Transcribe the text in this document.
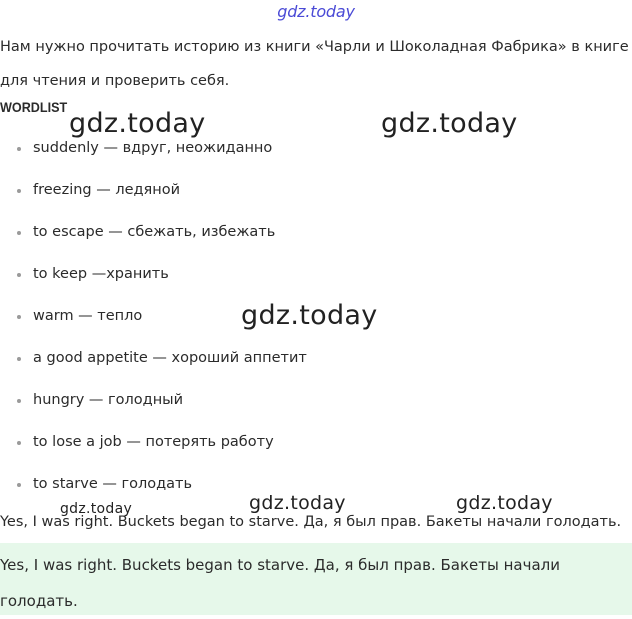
gdz.today

Нам нужно прочитать историю из книги «Чарли и Шоколадная Фабрика» в книге для чтения и проверить себя.

WORDLIST
suddenly — вдруг, неожиданно
freezing — ледяной
to escape — сбежать, избежать
to keep —хранить
warm — тепло
a good appetite — хороший аппетит
hungry — голодный
to lose a job — потерять работу
to starve — голодать
gdz.today	gdz.today
gdz.today
gdz.today	gdz.today
gdz.today
Yes, I was right. Buckets began to starve. Да, я был прав. Бакеты начали голодать.

Yes, I was right. Buckets began to starve. Да, я был прав. Бакеты начали голодать.
